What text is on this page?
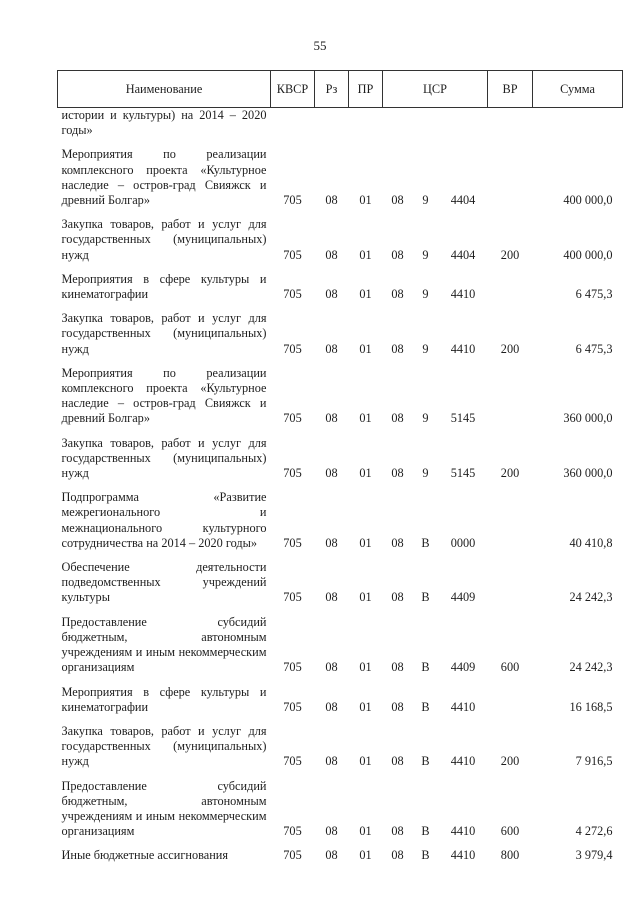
55
Наименование	КВСР	Рз	ПР	ЦСР			ВР	Сумма

истории и культуры) на 2014 – 2020 годы»								

Мероприятия по реализации комплексного проекта «Культурное наследие – остров-град Свияжск и древний Болгар»	705	08	01	08	9	4404		400 000,0

Закупка товаров, работ и услуг для государственных (муниципальных) нужд	705	08	01	08	9	4404	200	400 000,0

Мероприятия в сфере культуры и кинематографии	705	08	01	08	9	4410		6 475,3

Закупка товаров, работ и услуг для государственных (муниципальных) нужд	705	08	01	08	9	4410	200	6 475,3

Мероприятия по реализации комплексного проекта «Культурное наследие – остров-град Свияжск и древний Болгар»	705	08	01	08	9	5145		360 000,0

Закупка товаров, работ и услуг для государственных (муниципальных) нужд	705	08	01	08	9	5145	200	360 000,0

Подпрограмма «Развитие межрегионального и межнационального культурного сотрудничества на 2014 – 2020 годы»	705	08	01	08	В	0000		40 410,8

Обеспечение деятельности подведомственных учреждений культуры	705	08	01	08	В	4409		24 242,3

Предоставление субсидий бюджетным, автономным учреждениям и иным некоммерческим организациям	705	08	01	08	В	4409	600	24 242,3

Мероприятия в сфере культуры и кинематографии	705	08	01	08	В	4410		16 168,5

Закупка товаров, работ и услуг для государственных (муниципальных) нужд	705	08	01	08	В	4410	200	7 916,5

Предоставление субсидий бюджетным, автономным учреждениям и иным некоммерческим организациям	705	08	01	08	В	4410	600	4 272,6

Иные бюджетные ассигнования	705	08	01	08	В	4410	800	3 979,4
